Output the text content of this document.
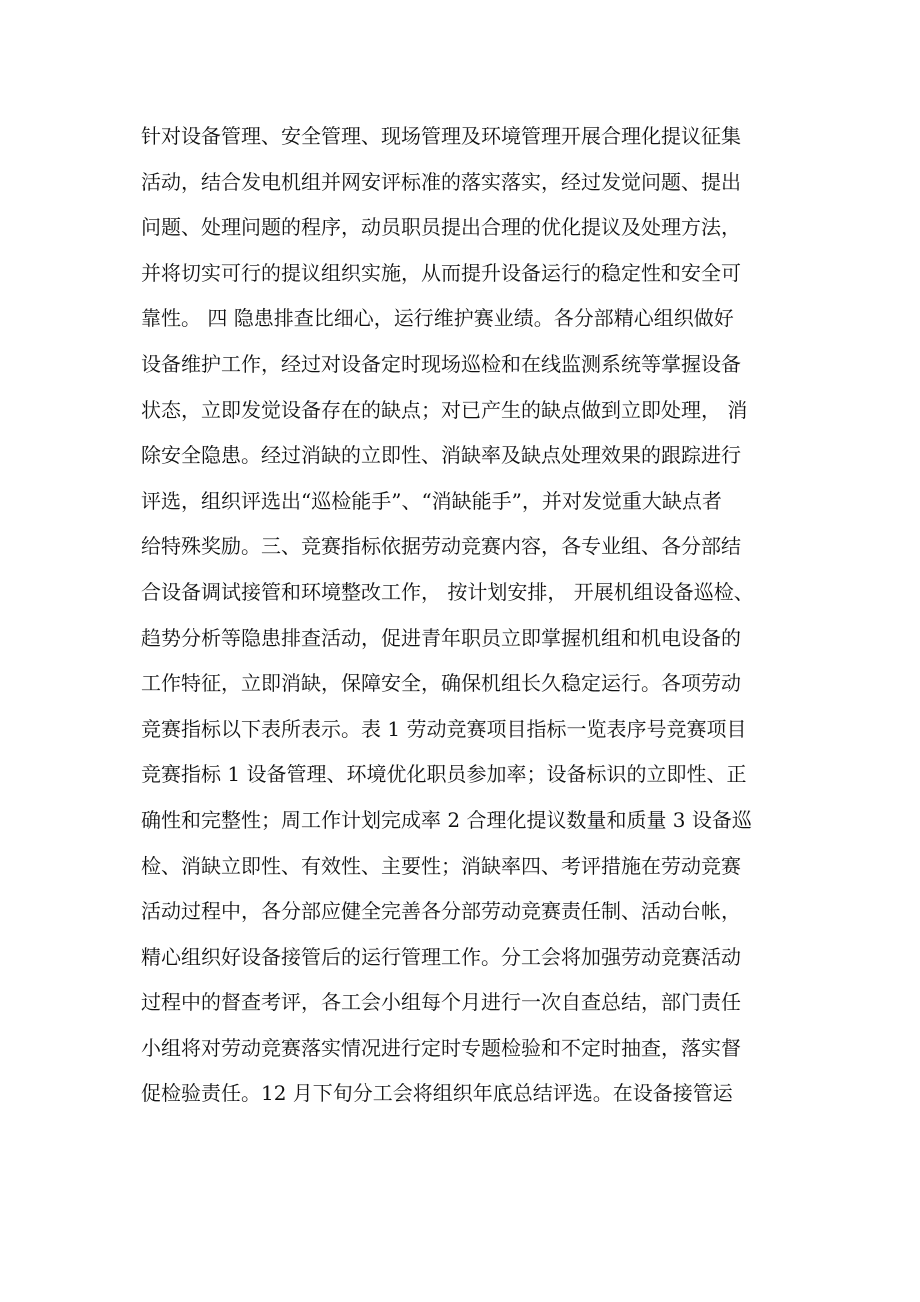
针对设备管理、安全管理、现场管理及环境管理开展合理化提议征集
活动，结合发电机组并网安评标准的落实落实，经过发觉问题、提出
问题、处理问题的程序，动员职员提出合理的优化提议及处理方法，
并将切实可行的提议组织实施，从而提升设备运行的稳定性和安全可
靠性。 四 隐患排查比细心，运行维护赛业绩。各分部精心组织做好
设备维护工作，经过对设备定时现场巡检和在线监测系统等掌握设备
状态，立即发觉设备存在的缺点；对已产生的缺点做到立即处理， 消
除安全隐患。经过消缺的立即性、消缺率及缺点处理效果的跟踪进行
评选，组织评选出“巡检能手”、“消缺能手”，并对发觉重大缺点者
给特殊奖励。三、竞赛指标依据劳动竞赛内容，各专业组、各分部结
合设备调试接管和环境整改工作， 按计划安排， 开展机组设备巡检、
趋势分析等隐患排查活动，促进青年职员立即掌握机组和机电设备的
工作特征，立即消缺，保障安全，确保机组长久稳定运行。各项劳动
竞赛指标以下表所表示。表 1 劳动竞赛项目指标一览表序号竞赛项目
竞赛指标 1 设备管理、环境优化职员参加率；设备标识的立即性、正
确性和完整性；周工作计划完成率 2 合理化提议数量和质量 3 设备巡
检、消缺立即性、有效性、主要性；消缺率四、考评措施在劳动竞赛
活动过程中，各分部应健全完善各分部劳动竞赛责任制、活动台帐，
精心组织好设备接管后的运行管理工作。分工会将加强劳动竞赛活动
过程中的督查考评，各工会小组每个月进行一次自查总结，部门责任
小组将对劳动竞赛落实情况进行定时专题检验和不定时抽查，落实督
促检验责任。12 月下旬分工会将组织年底总结评选。在设备接管运
